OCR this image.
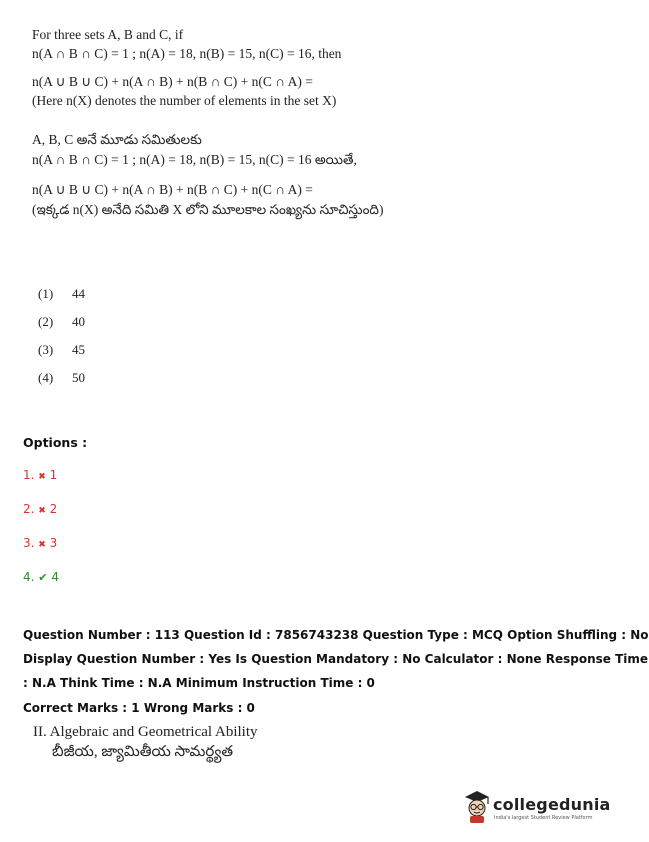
For three sets A, B and C, if
n(A ∩ B ∩ C) = 1 ; n(A) = 18, n(B) = 15, n(C) = 16, then
n(A ∪ B ∪ C) + n(A ∩ B) + n(B ∩ C) + n(C ∩ A) =
(Here n(X) denotes the number of elements in the set X)
A, B, C అనే మూడు సమితులకు
n(A ∩ B ∩ C) = 1 ; n(A) = 18, n(B) = 15, n(C) = 16 అయితే,
n(A ∪ B ∪ C) + n(A ∩ B) + n(B ∩ C) + n(C ∩ A) =
(ఇక్కడ n(X) అనేది సమితి X లోని మూలకాల సంఖ్యను సూచిస్తుంది)
(1) 44
(2) 40
(3) 45
(4) 50
Options :
1. ✖ 1
2. ✖ 2
3. ✖ 3
4. ✔ 4
Question Number : 113 Question Id : 7856743238 Question Type : MCQ Option Shuffling : No
Display Question Number : Yes Is Question Mandatory : No Calculator : None Response Time
: N.A Think Time : N.A Minimum Instruction Time : 0
Correct Marks : 1 Wrong Marks : 0
II. Algebraic and Geometrical Ability
బీజీయ, జ్యామితీయ సామర్థ్యత
collegedunia
India's largest Student Review Platform
